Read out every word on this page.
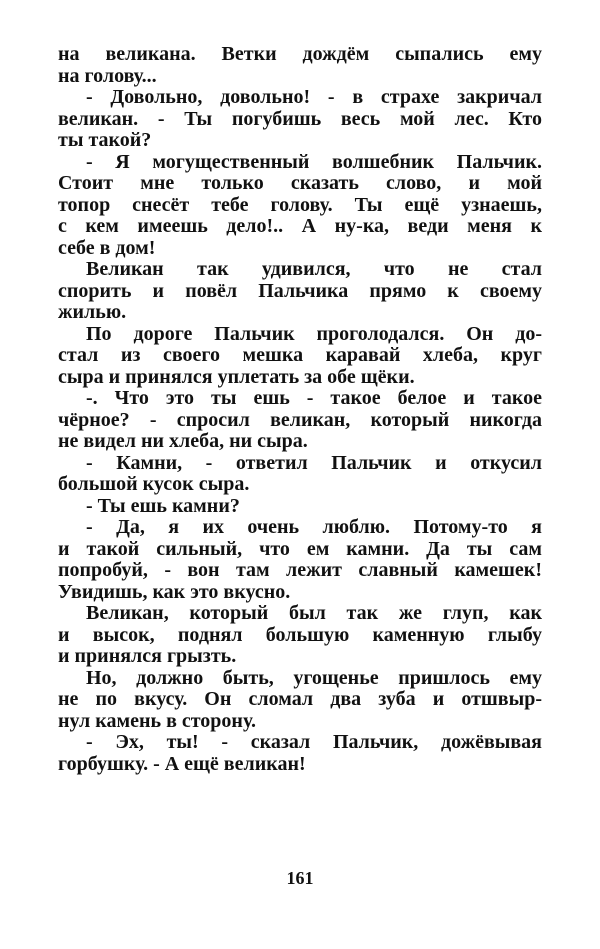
на великана. Ветки дождём сыпались ему
на голову...
- Довольно, довольно! - в страхе закричал
великан. - Ты погубишь весь мой лес. Кто
ты такой?
- Я могущественный волшебник Пальчик.
Стоит мне только сказать слово, и мой
топор снесёт тебе голову. Ты ещё узнаешь,
с кем имеешь дело!.. А ну-ка, веди меня к
себе в дом!
Великан так удивился, что не стал
спорить и повёл Пальчика прямо к своему
жилью.
По дороге Пальчик проголодался. Он до-
стал из своего мешка каравай хлеба, круг
сыра и принялся уплетать за обе щёки.
-. Что это ты ешь - такое белое и такое
чёрное? - спросил великан, который никогда
не видел ни хлеба, ни сыра.
- Камни, - ответил Пальчик и откусил
большой кусок сыра.
- Ты ешь камни?
- Да, я их очень люблю. Потому-то я
и такой сильный, что ем камни. Да ты сам
попробуй, - вон там лежит славный камешек!
Увидишь, как это вкусно.
Великан, который был так же глуп, как
и высок, поднял большую каменную глыбу
и принялся грызть.
Но, должно быть, угощенье пришлось ему
не по вкусу. Он сломал два зуба и отшвыр-
нул камень в сторону.
- Эх, ты! - сказал Пальчик, дожёвывая
горбушку. - А ещё великан!
161
